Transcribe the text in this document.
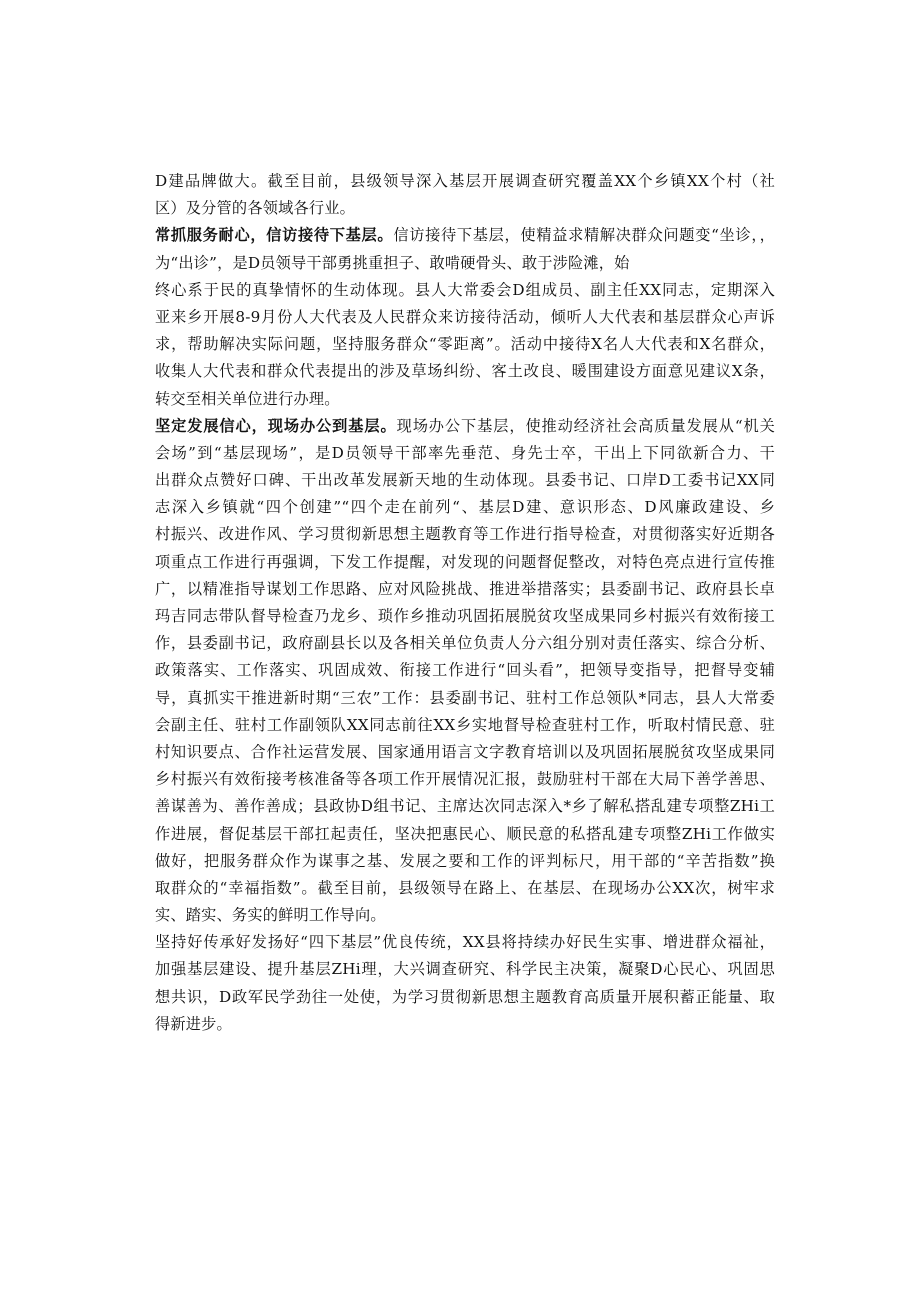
D建品牌做大。截至目前，县级领导深入基层开展调查研究覆盖XX个乡镇XX个村（社
区）及分管的各领域各行业。
常抓服务耐心，信访接待下基层。信访接待下基层，使精益求精解决群众问题变“坐诊，，
为“出诊”，是D员领导干部勇挑重担子、敢啃硬骨头、敢于涉险滩，始
终心系于民的真挚情怀的生动体现。县人大常委会D组成员、副主任XX同志，定期深入
亚来乡开展8-9月份人大代表及人民群众来访接待活动，倾听人大代表和基层群众心声诉
求，帮助解决实际问题，坚持服务群众“零距离”。活动中接待X名人大代表和X名群众，
收集人大代表和群众代表提出的涉及草场纠纷、客土改良、暖围建设方面意见建议X条，
转交至相关单位进行办理。
坚定发展信心，现场办公到基层。现场办公下基层，使推动经济社会高质量发展从“机关
会场”到“基层现场”，是D员领导干部率先垂范、身先士卒，干出上下同欲新合力、干
出群众点赞好口碑、干出改革发展新天地的生动体现。县委书记、口岸D工委书记XX同
志深入乡镇就“四个创建”“四个走在前列“、基层D建、意识形态、D风廉政建设、乡
村振兴、改进作风、学习贯彻新思想主题教育等工作进行指导检查，对贯彻落实好近期各
项重点工作进行再强调，下发工作提醒，对发现的问题督促整改，对特色亮点进行宣传推
广，以精准指导谋划工作思路、应对风险挑战、推进举措落实；县委副书记、政府县长卓
玛吉同志带队督导检查乃龙乡、琐作乡推动巩固拓展脱贫攻坚成果同乡村振兴有效衔接工
作，县委副书记，政府副县长以及各相关单位负责人分六组分别对责任落实、综合分析、
政策落实、工作落实、巩固成效、衔接工作进行“回头看”，把领导变指导，把督导变辅
导，真抓实干推进新时期“三农”工作：县委副书记、驻村工作总领队*同志，县人大常委
会副主任、驻村工作副领队XX同志前往XX乡实地督导检查驻村工作，听取村情民意、驻
村知识要点、合作社运营发展、国家通用语言文字教育培训以及巩固拓展脱贫攻坚成果同
乡村振兴有效衔接考核准备等各项工作开展情况汇报，鼓励驻村干部在大局下善学善思、
善谋善为、善作善成；县政协D组书记、主席达次同志深入*乡了解私搭乱建专项整ZHi工
作进展，督促基层干部扛起责任，坚决把惠民心、顺民意的私搭乱建专项整ZHi工作做实
做好，把服务群众作为谋事之基、发展之要和工作的评判标尺，用干部的“辛苦指数”换
取群众的“幸福指数”。截至目前，县级领导在路上、在基层、在现场办公XX次，树牢求
实、踏实、务实的鲜明工作导向。
坚持好传承好发扬好“四下基层”优良传统，XX县将持续办好民生实事、增进群众福祉，
加强基层建设、提升基层ZHi理，大兴调查研究、科学民主决策，凝聚D心民心、巩固思
想共识，D政军民学劲往一处使，为学习贯彻新思想主题教育高质量开展积蓄正能量、取
得新进步。
